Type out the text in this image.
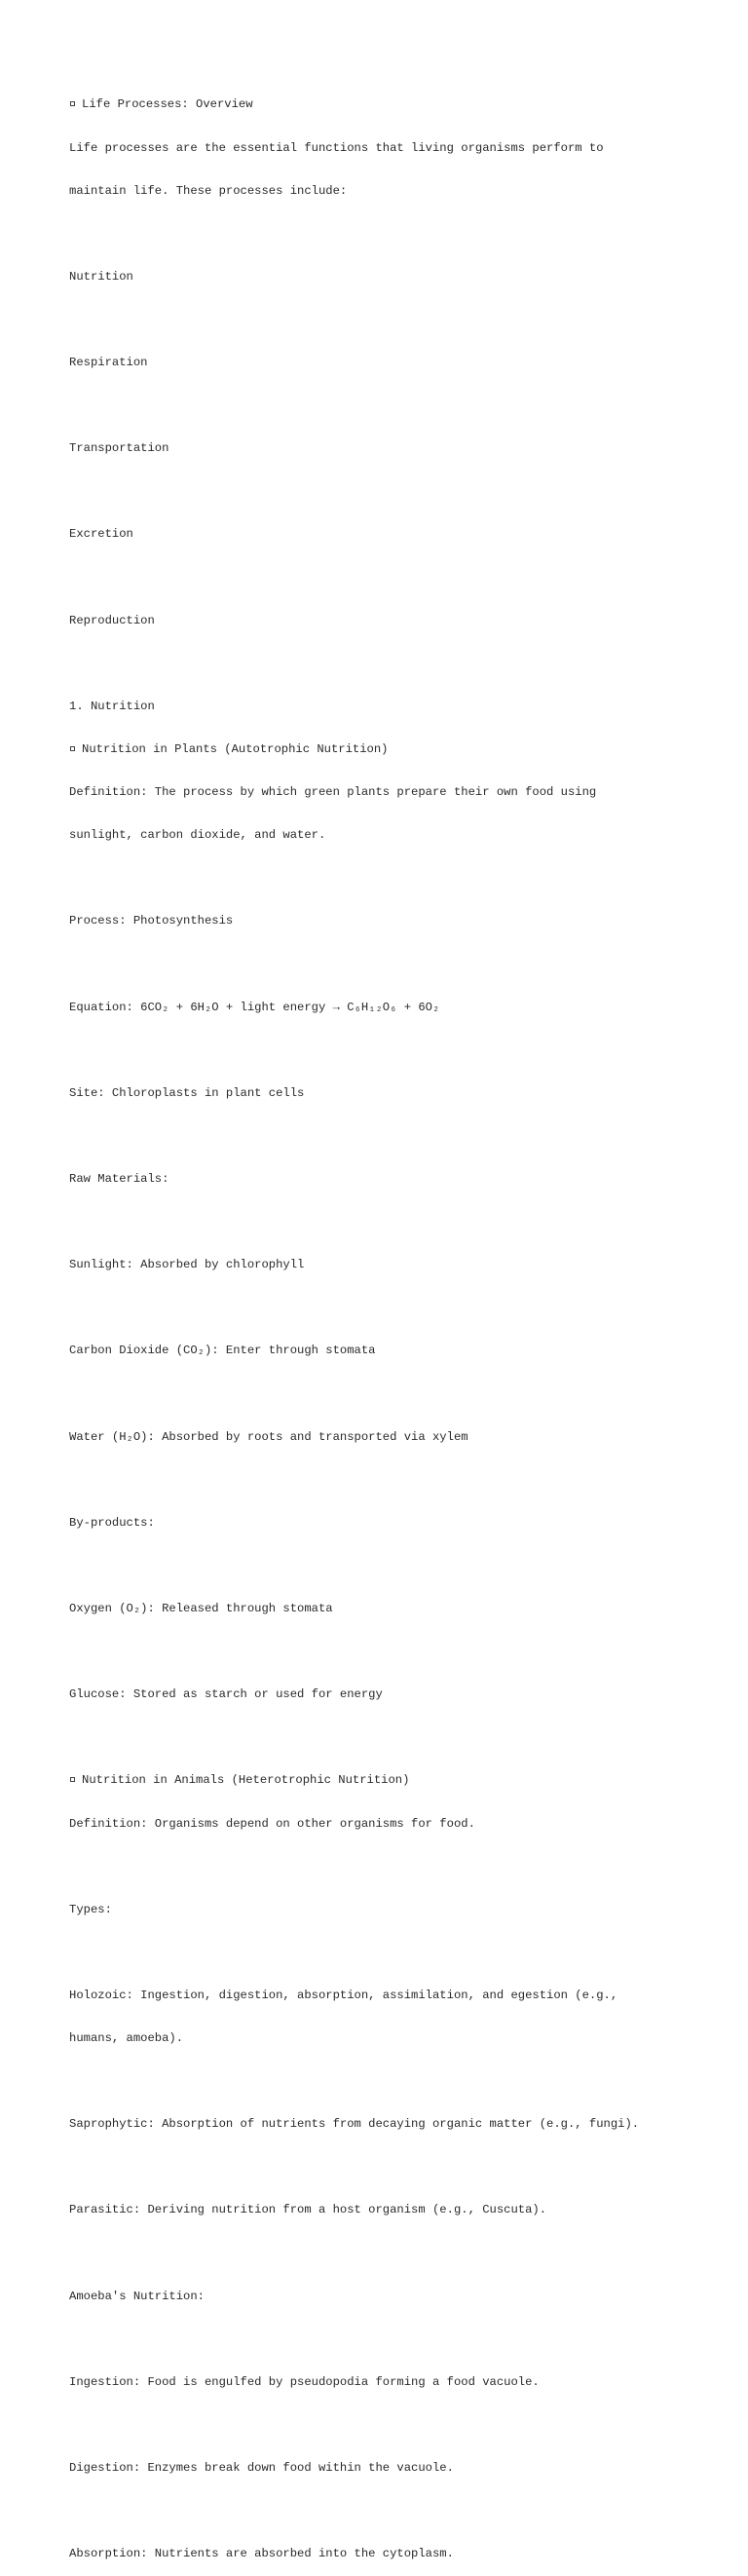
Life Processes: Overview

Life processes are the essential functions that living organisms perform to

maintain life. These processes include:

Nutrition

Respiration

Transportation

Excretion

Reproduction

1. Nutrition

Nutrition in Plants (Autotrophic Nutrition)

Definition: The process by which green plants prepare their own food using

sunlight, carbon dioxide, and water.

Process: Photosynthesis

Equation: 6CO₂ + 6H₂O + light energy → C₆H₁₂O₆ + 6O₂

Site: Chloroplasts in plant cells

Raw Materials:

Sunlight: Absorbed by chlorophyll

Carbon Dioxide (CO₂): Enter through stomata

Water (H₂O): Absorbed by roots and transported via xylem

By-products:

Oxygen (O₂): Released through stomata

Glucose: Stored as starch or used for energy

Nutrition in Animals (Heterotrophic Nutrition)

Definition: Organisms depend on other organisms for food.

Types:

Holozoic: Ingestion, digestion, absorption, assimilation, and egestion (e.g.,

humans, amoeba).

Saprophytic: Absorption of nutrients from decaying organic matter (e.g., fungi).

Parasitic: Deriving nutrition from a host organism (e.g., Cuscuta).

Amoeba's Nutrition:

Ingestion: Food is engulfed by pseudopodia forming a food vacuole.

Digestion: Enzymes break down food within the vacuole.

Absorption: Nutrients are absorbed into the cytoplasm.
